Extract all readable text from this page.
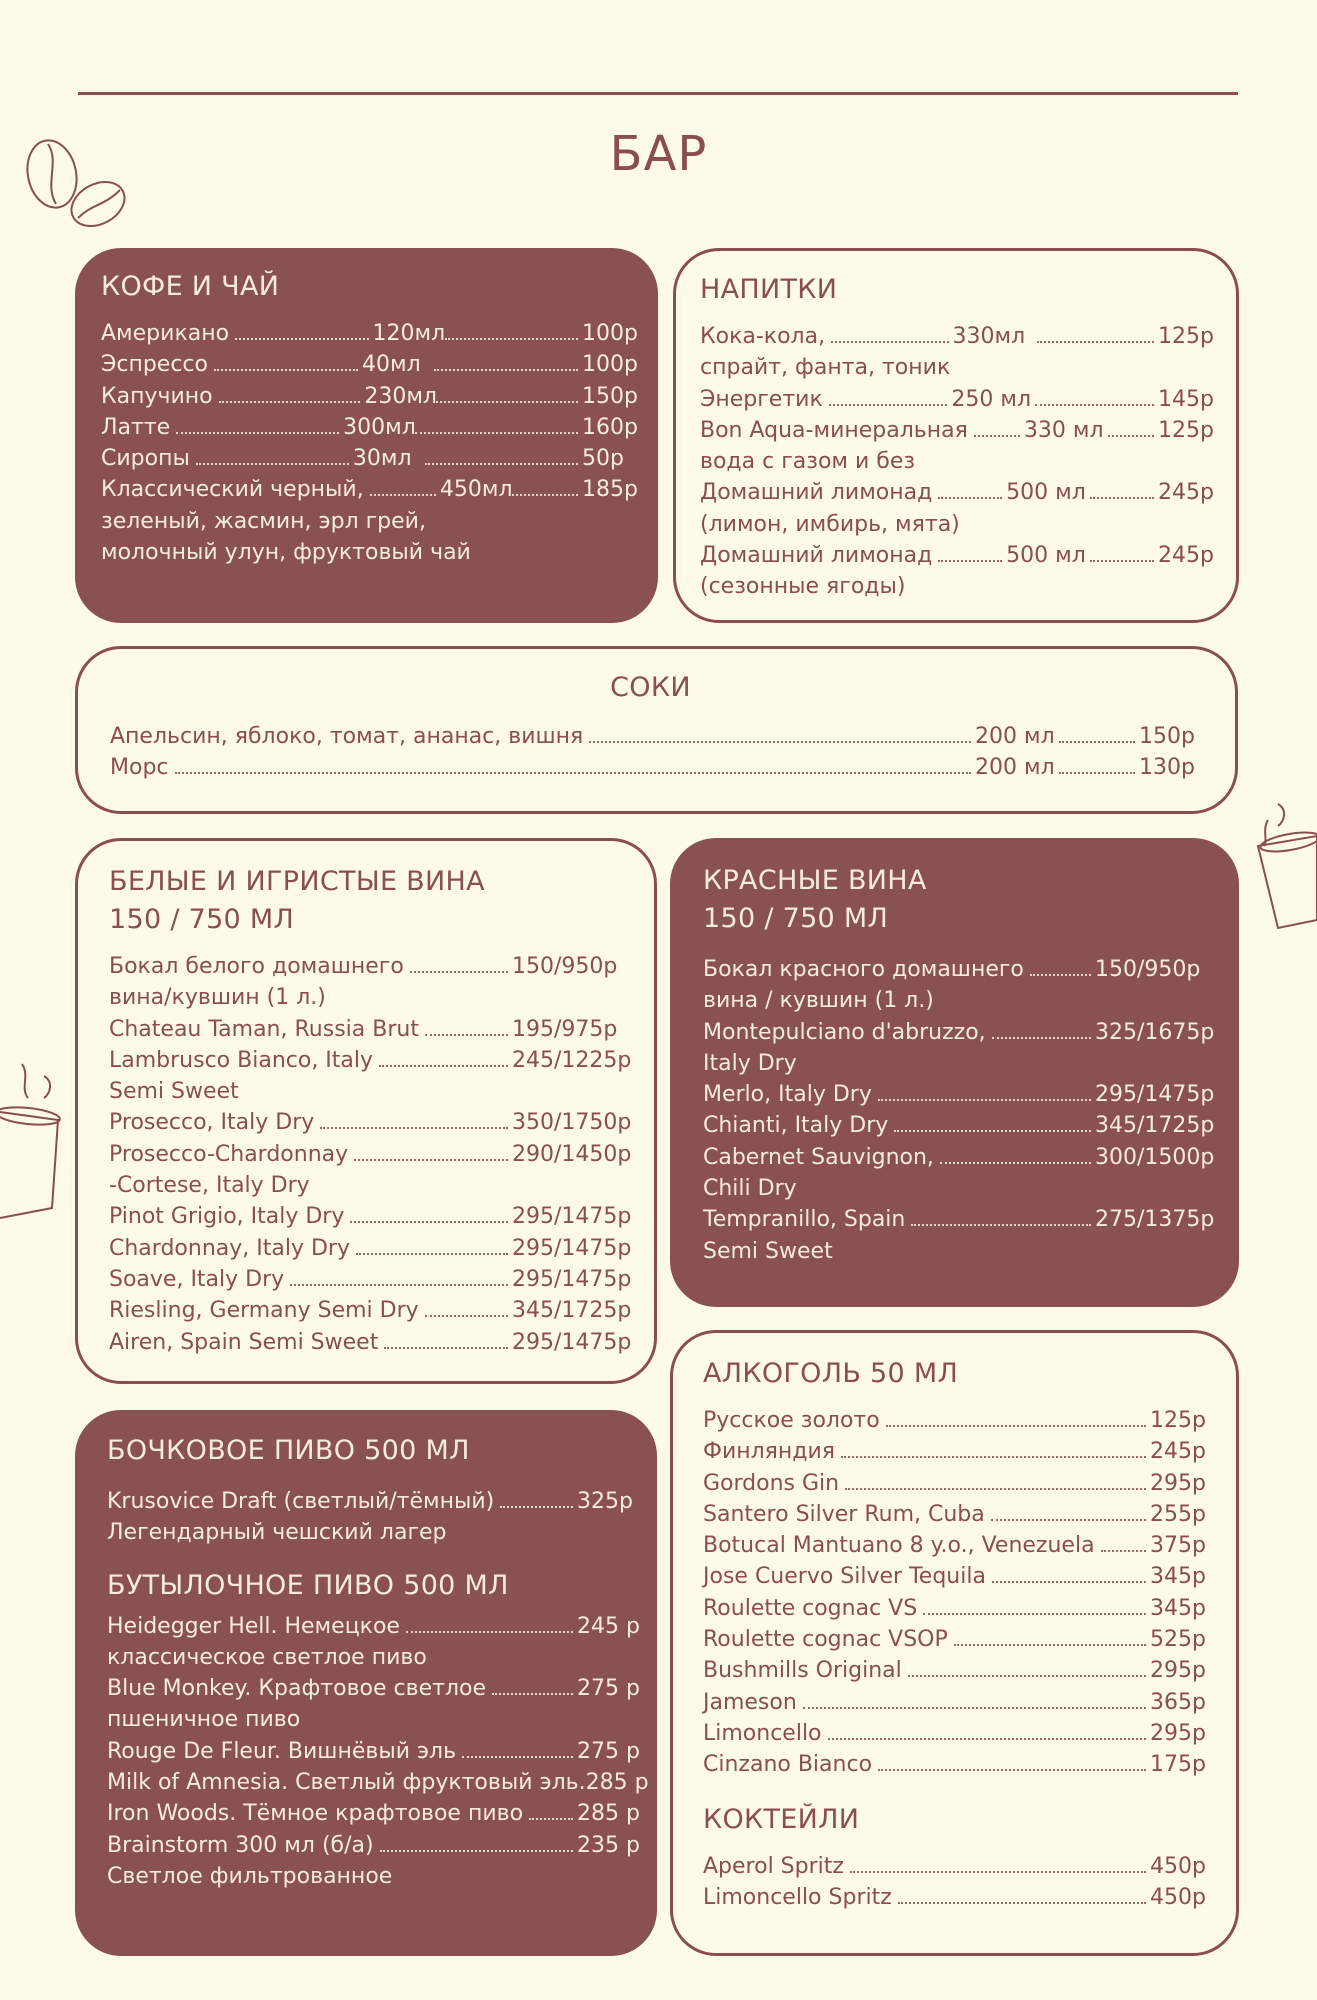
БАР
КОФЕ И ЧАЙ
Американо	120мл	100р
Эспрессо	40мл	100р
Капучино	230мл	150р
Латте	300мл	160р
Сиропы	30мл	50р
Классический черный,	450мл	185р
зеленый, жасмин, эрл грей,
молочный улун, фруктовый чай
НАПИТКИ
Кока-кола,	330мл	125р
спрайт, фанта, тоник
Энергетик	250 мл	145р
Bon Aqua-минеральная	330 мл 125р
вода с газом и без
Домашний лимонад	500 мл	245р
(лимон, имбирь, мята)
Домашний лимонад	500 мл	245р
(сезонные ягоды)
СОКИ
Апельсин, яблоко, томат, ананас, вишня	200 мл	150р
Морс	200 мл	130р
БЕЛЫЕ И ИГРИСТЫЕ ВИНА
150 / 750 МЛ
Бокал белого домашнего	150/950р
вина/кувшин (1 л.)
Chateau Taman, Russia Brut	195/975р
Lambrusco Bianco, Italy	245/1225р
Semi Sweet
Prosecco, Italy Dry	350/1750р
Prosecco-Chardonnay	290/1450р
-Cortese, Italy Dry
Pinot Grigio, Italy Dry	295/1475р
Chardonnay, Italy Dry	295/1475р
Soave, Italy Dry	295/1475р
Riesling, Germany Semi Dry	345/1725р
Airen, Spain Semi Sweet	295/1475р
КРАСНЫЕ ВИНА
150 / 750 МЛ
Бокал красного домашнего	150/950р
вина / кувшин (1 л.)
Montepulciano d'abruzzo,	325/1675р
Italy Dry
Merlo, Italy Dry	295/1475р
Chianti, Italy Dry	345/1725р
Cabernet Sauvignon,	300/1500р
Chili Dry
Tempranillo, Spain	275/1375р
Semi Sweet
БОЧКОВОЕ ПИВО 500 МЛ
Krusovice Draft (светлый/тёмный)	325р
Легендарный чешский лагер
БУТЫЛОЧНОЕ ПИВО 500 МЛ
Heidegger Hell. Немецкое	245 р
классическое светлое пиво
Blue Monkey. Крафтовое светлое	275 р
пшеничное пиво
Rouge De Fleur. Вишнёвый эль	275 р
Milk of Amnesia. Светлый фруктовый эль. 285 р
Iron Woods. Тёмное крафтовое пиво 285 р
Brainstorm 300 мл (б/а)	235 р
Светлое фильтрованное
АЛКОГОЛЬ 50 МЛ
Русское золото	125р
Финляндия	245р
Gordons Gin	295р
Santero Silver Rum, Cuba	255р
Botucal Mantuano 8 y.o., Venezuela	375р
Jose Cuervo Silver Tequila	345р
Roulette cognac VS	345р
Roulette cognac VSOP	525р
Bushmills Original	295р
Jameson	365р
Limoncello	295р
Cinzano Bianco	175р
КОКТЕЙЛИ
Aperol Spritz	450р
Limoncello Spritz	450р
